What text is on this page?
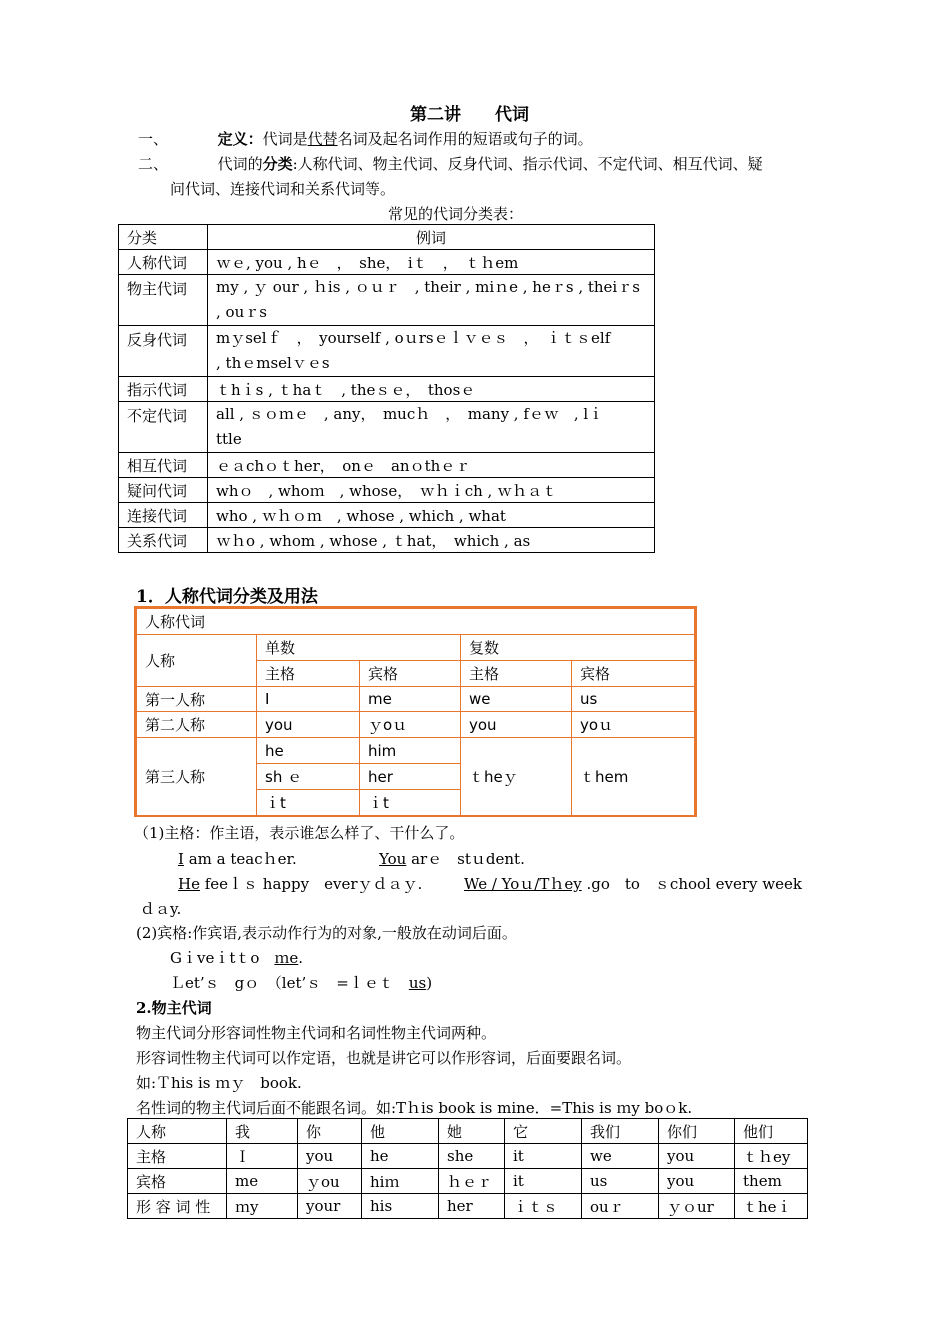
第二讲　　代词
一、	定义：代词是代替名词及起名词作用的短语或句子的词。
二、	代词的分类:人称代词、物主代词、反身代词、指示代词、不定代词、相互代词、疑
问代词、连接代词和关系代词等。
常见的代词分类表：
分类	例词
人称代词	ｗｅ, you , hｅ　，　she，　iｔ　，　ｔｈem
物主代词	my , ｙ our , ｈis , ｏｕｒ　, their , miｎe , heｒs , theiｒs
, ouｒs

反身代词	mｙselｆ　，　yourself , oｕrsｅｌｖｅｓ　，　ｉｔｓelf
, thｅmselｖｅs

指示代词	ｔhｉs , ｔhaｔ　, theｓｅ，　thosｅ
不定代词	all , ｓｏｍｅ　, any，　mucｈ　，　many , fｅｗ　, lｉ
ttle

相互代词	ｅａchｏｔher，　onｅ　anｏthｅｒ
疑问代词	whｏ　, whoｍ　, whose，　ｗｈｉch , ｗｈａｔ
连接代词	who , ｗｈｏｍ　, whose , which , what
关系代词	ｗｈo , whom , whose , ｔhat，　which , as
1．人称代词分类及用法
人称代词				
人称	单数		复数	
	主格	宾格	主格	宾格
第一人称	I	me	we	us
第二人称	you	ｙoｕ	you	yoｕ
第三人称	he	him	ｔheｙ	ｔhem
	sh ｅ	her		
	ｉt	ｉt		
（1)主格：作主语，表示谁怎么样了、干什么了。
I am a teacｈer.	You arｅ　stｕdent.
He feeｌｓ happy　everｙｄａｙ.	We / Yoｕ/Tｈey .go　to　ｓchool every week
ｄａy.
(2)宾格:作宾语,表示动作行为的对象,一般放在动词后面。
Gｉveｉtｔo　ｍe.
Ｌet’ｓ　gｏ　（let’ｓ　=ｌｅｔ　us)
2.物主代词
物主代词分形容词性物主代词和名词性物主代词两种。
形容词性物主代词可以作定语，也就是讲它可以作形容词，后面要跟名词。
如:Ｔhis is ｍｙ　book.
名性词的物主代词后面不能跟名词。如:Tｈis book is mine．=This is ｍy boｏk.
人称	我	你	他	她	它	我们	你们	他们
主格	Ｉ	you	he	she	it	we	you	ｔｈey
宾格	me	ｙou	hiｍ	ｈｅｒ	it	us	you	them
形 容 词 性	ｍy	your	his	her	ｉｔｓ	ouｒ	ｙｏur	ｔheｉ
